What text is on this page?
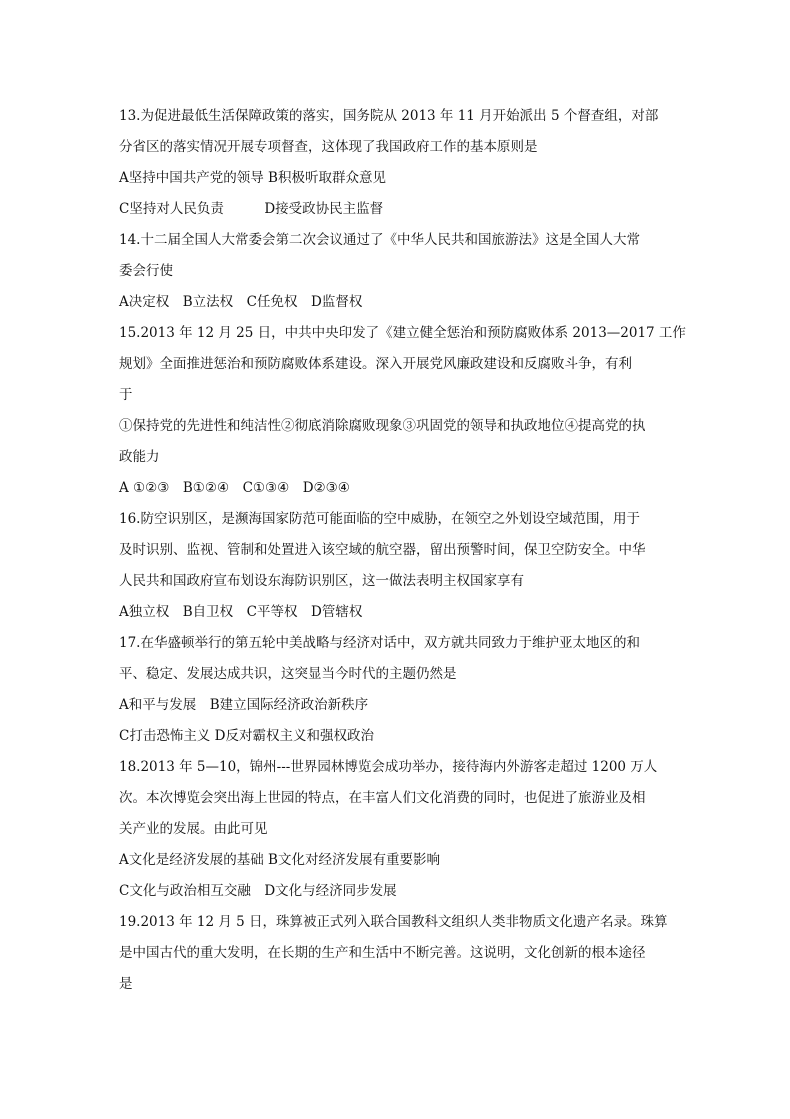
13.为促进最低生活保障政策的落实，国务院从 2013 年 11 月开始派出 5 个督查组，对部
分省区的落实情况开展专项督查，这体现了我国政府工作的基本原则是
A坚持中国共产党的领导 B积极听取群众意见
C坚持对人民负责　　　D接受政协民主监督
14.十二届全国人大常委会第二次会议通过了《中华人民共和国旅游法》这是全国人大常
委会行使
A决定权　B立法权　C任免权　D监督权
15.2013 年 12 月 25 日，中共中央印发了《建立健全惩治和预防腐败体系 2013—2017 工作
规划》全面推进惩治和预防腐败体系建设。深入开展党风廉政建设和反腐败斗争，有利
于
①保持党的先进性和纯洁性②彻底消除腐败现象③巩固党的领导和执政地位④提高党的执
政能力
A ①②③　B①②④　C①③④　D②③④
16.防空识别区，是濒海国家防范可能面临的空中威胁，在领空之外划设空域范围，用于
及时识别、监视、管制和处置进入该空域的航空器，留出预警时间，保卫空防安全。中华
人民共和国政府宣布划设东海防识别区，这一做法表明主权国家享有
A独立权　B自卫权　C平等权　D管辖权
17.在华盛顿举行的第五轮中美战略与经济对话中，双方就共同致力于维护亚太地区的和
平、稳定、发展达成共识，这突显当今时代的主题仍然是
A和平与发展　B建立国际经济政治新秩序
C打击恐怖主义 D反对霸权主义和强权政治
18.2013 年 5—10，锦州---世界园林博览会成功举办，接待海内外游客走超过 1200 万人
次。本次博览会突出海上世园的特点，在丰富人们文化消费的同时，也促进了旅游业及相
关产业的发展。由此可见
A文化是经济发展的基础 B文化对经济发展有重要影响
C文化与政治相互交融　D文化与经济同步发展
19.2013 年 12 月 5 日，珠算被正式列入联合国教科文组织人类非物质文化遗产名录。珠算
是中国古代的重大发明，在长期的生产和生活中不断完善。这说明，文化创新的根本途径
是
